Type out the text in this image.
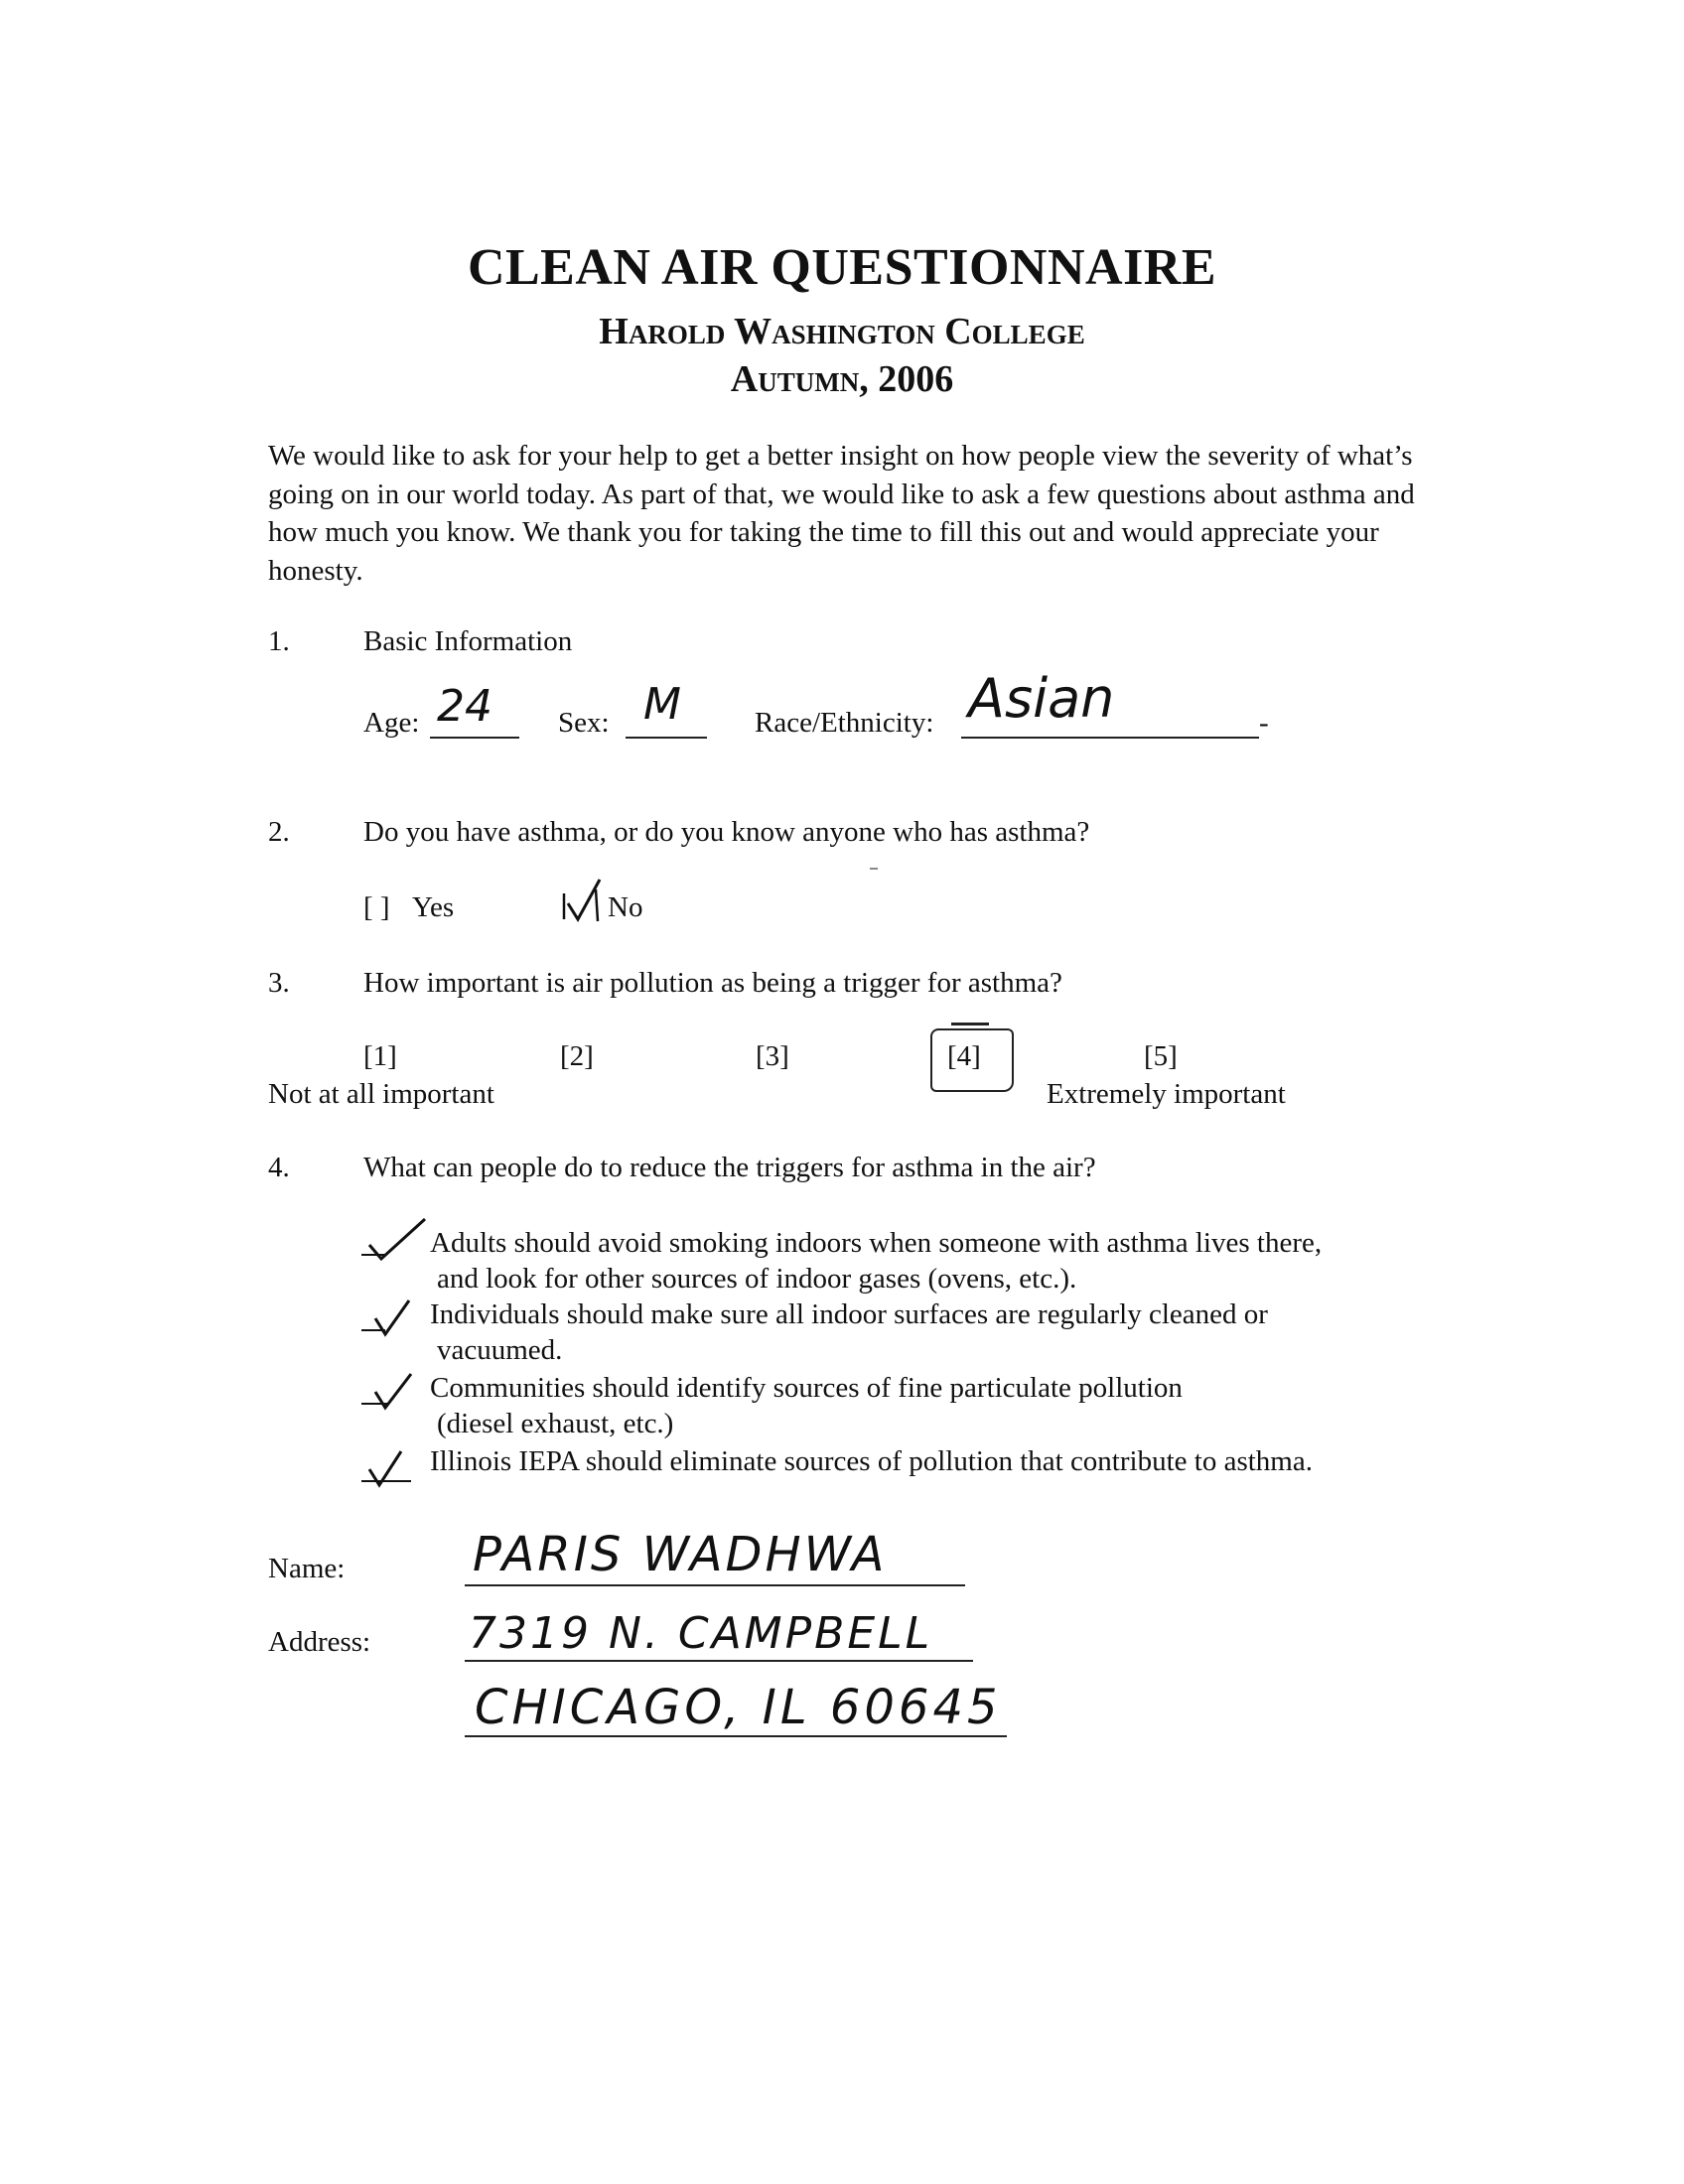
CLEAN AIR QUESTIONNAIRE
Harold Washington College
Autumn, 2006
We would like to ask for your help to get a better insight on how people view the severity of what’s going on in our world today. As part of that, we would like to ask a few questions about asthma and how much you know. We thank you for taking the time to fill this out and would appreciate your honesty.
1.	Basic Information
Age: 24 Sex: M	Race/Ethnicity: Asian	-
2.	Do you have asthma, or do you know anyone who has asthma?
[ ] Yes	No
3.	How important is air pollution as being a trigger for asthma?
[1]	[2]	[3]	[4]	[5]
Not at all important	Extremely important
4.	What can people do to reduce the triggers for asthma in the air?
Adults should avoid smoking indoors when someone with asthma lives there,
and look for other sources of indoor gases (ovens, etc.).
Individuals should make sure all indoor surfaces are regularly cleaned or
vacuumed.
Communities should identify sources of fine particulate pollution
(diesel exhaust, etc.)
Illinois IEPA should eliminate sources of pollution that contribute to asthma.
Name:	PARIS WADHWA
Address: 7319 N. CAMPBELL
CHICAGO, IL 60645
